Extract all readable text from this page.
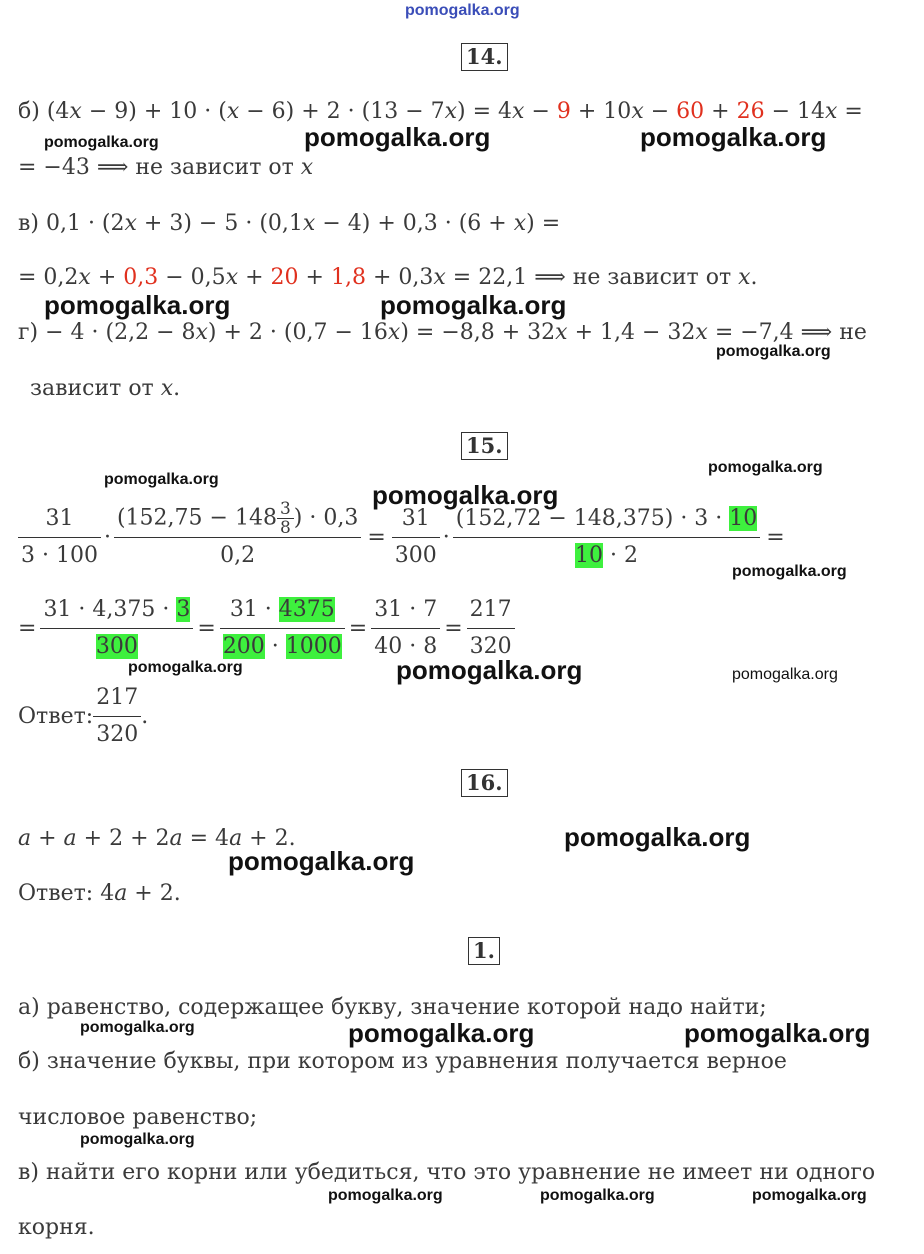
pomogalka.org
14.
б) (4x − 9) + 10 · (x − 6) + 2 · (13 − 7x) = 4x − 9 + 10x − 60 + 26 − 14x =
= −43 ⟹ не зависит от x
в) 0,1 · (2x + 3) − 5 · (0,1x − 4) + 0,3 · (6 + x) =
= 0,2x + 0,3 − 0,5x + 20 + 1,8 + 0,3x = 22,1 ⟹ не зависит от x.
г) − 4 · (2,2 − 8x) + 2 · (0,7 − 16x) = −8,8 + 32x + 1,4 − 32x = −7,4 ⟹ не
зависит от x.
15.
$\frac{31}{3 \cdot 100} \cdot \frac{(152,75 - 148 \frac{3}{8} ) \cdot 0,3}{0,2} = \frac{31}{300} \cdot \frac{(152,72 - 148,375) \cdot 3 \cdot 10}{10 \cdot 2}$ =
= $\frac{31 \cdot 4,375 \cdot 3}{300} = \frac{31 \cdot 4375}{200 \cdot 1000} = \frac{31 \cdot 7}{40 \cdot 8} = \frac{217}{320}$
Ответ: $\frac{217}{320}$ .
16.
a + a + 2 + 2a = 4a + 2.
Ответ: 4a + 2.
1.
а) равенство, содержащее букву, значение которой надо найти;
б) значение буквы, при котором из уравнения получается верное
числовое равенство;
в) найти его корни или убедиться, что это уравнение не имеет ни одного
корня.
pomogalka.org	pomogalka.org	pomogalka.org
pomogalka.org	pomogalka.org
pomogalka.org
pomogalka.org
pomogalka.org
pomogalka.org
pomogalka.org
pomogalka.org	pomogalka.org	pomogalka.org
pomogalka.org
pomogalka.org
pomogalka.org	pomogalka.org	pomogalka.org
pomogalka.org
pomogalka.org	pomogalka.org	pomogalka.org
